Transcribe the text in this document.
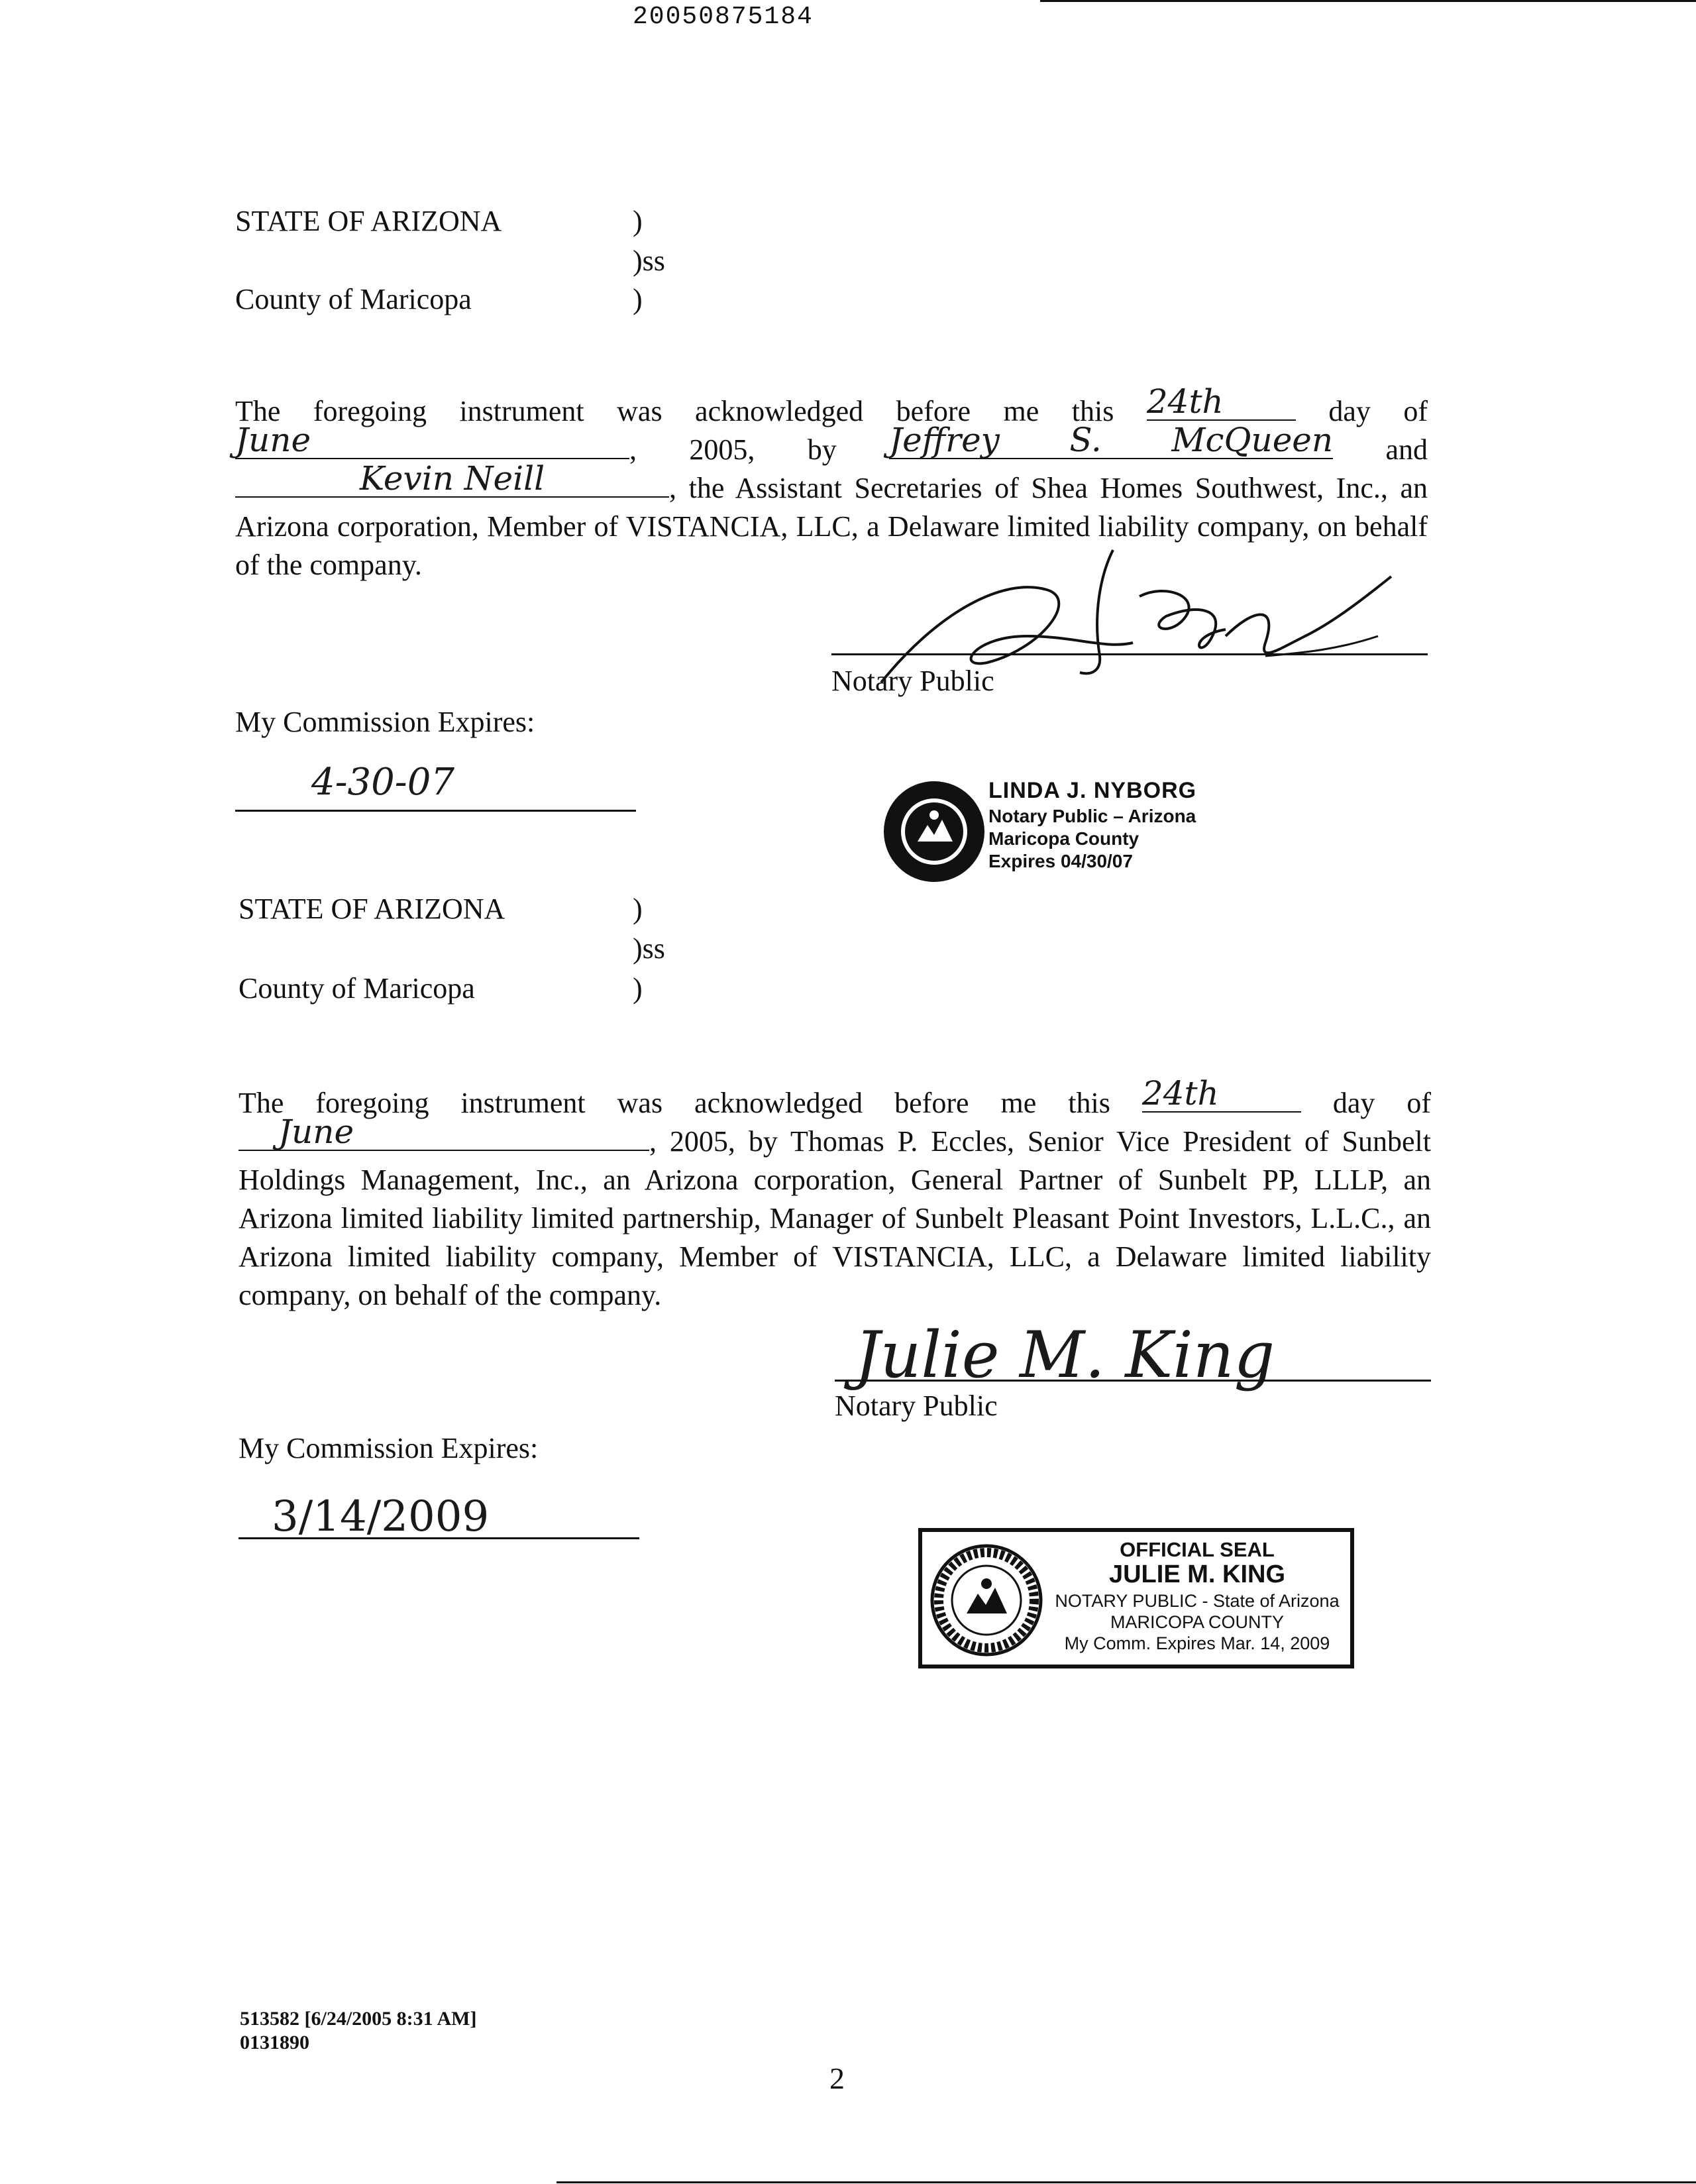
20050875184
STATE OF ARIZONA	)
)ss
County of Maricopa	)

The foregoing instrument was acknowledged before me this 24th	day of

June	, 2005, by Jeffrey S. McQueen and

Kevin Neill	, the Assistant Secretaries of Shea Homes Southwest, Inc., an Arizona corporation, Member of VISTANCIA, LLC, a Delaware limited liability company, on behalf of the company.

Notary Public
My Commission Expires:
4-30-07	LINDA J. NYBORG
Notary Public – Arizona
Maricopa County
Expires 04/30/07
STATE OF ARIZONA	)
)ss
County of Maricopa	)

The foregoing instrument was acknowledged before me this 24th	day of

June	, 2005, by Thomas P. Eccles, Senior Vice President of Sunbelt Holdings Management, Inc., an Arizona corporation, General Partner of Sunbelt PP, LLLP, an Arizona limited liability limited partnership, Manager of Sunbelt Pleasant Point Investors, L.L.C., an Arizona limited liability company, Member of VISTANCIA, LLC, a Delaware limited liability company, on behalf of the company.

Julie M. King
Notary Public
My Commission Expires:
3/14/2009
OFFICIAL SEAL
JULIE M. KING
NOTARY PUBLIC - State of Arizona
MARICOPA COUNTY
My Comm. Expires Mar. 14, 2009
513582 [6/24/2005 8:31 AM]
0131890
2
